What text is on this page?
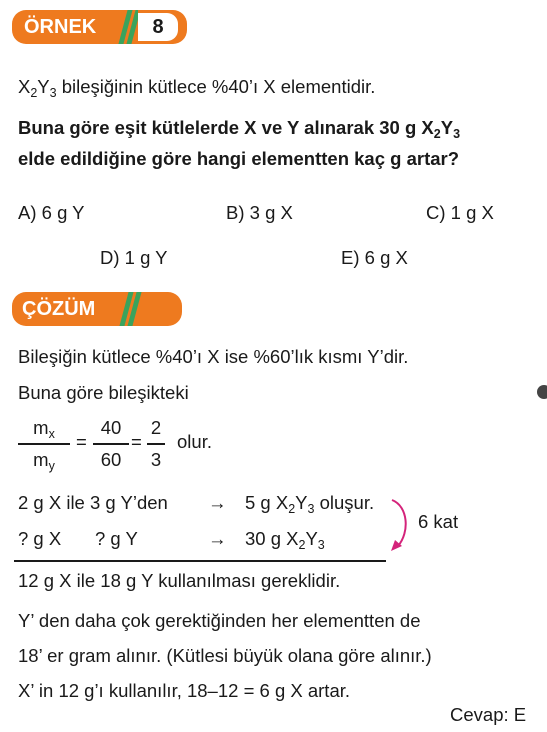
ÖRNEK	8
$X_2Y_3$ bileşiğinin kütlece %40’ı X elementidir.
Buna göre eşit kütlelerde X ve Y alınarak 30 g $X_2Y_3$
elde edildiğine göre hangi elementten kaç g artar?
A) 6 g Y	B) 3 g X	C) 1 g X
D) 1 g Y	E) 6 g X
ÇÖZÜM
Bileşiğin kütlece %40’ı X ise %60’lık kısmı Y’dir.
Buna göre bileşikteki
$m_x$
$m_y$
=
40
60
=
2
3
olur.
2 g X ile 3 g Y’den → 5 g $X_2Y_3$ oluşur.
? g X ? g Y	→ 30 g $X_2Y_3$
6 kat
12 g X ile 18 g Y kullanılması gereklidir.
Y’ den daha çok gerektiğinden her elementten de
18’ er gram alınır. (Kütlesi büyük olana göre alınır.)
X’ in 12 g’ı kullanılır, 18–12 = 6 g X artar.
Cevap: E
